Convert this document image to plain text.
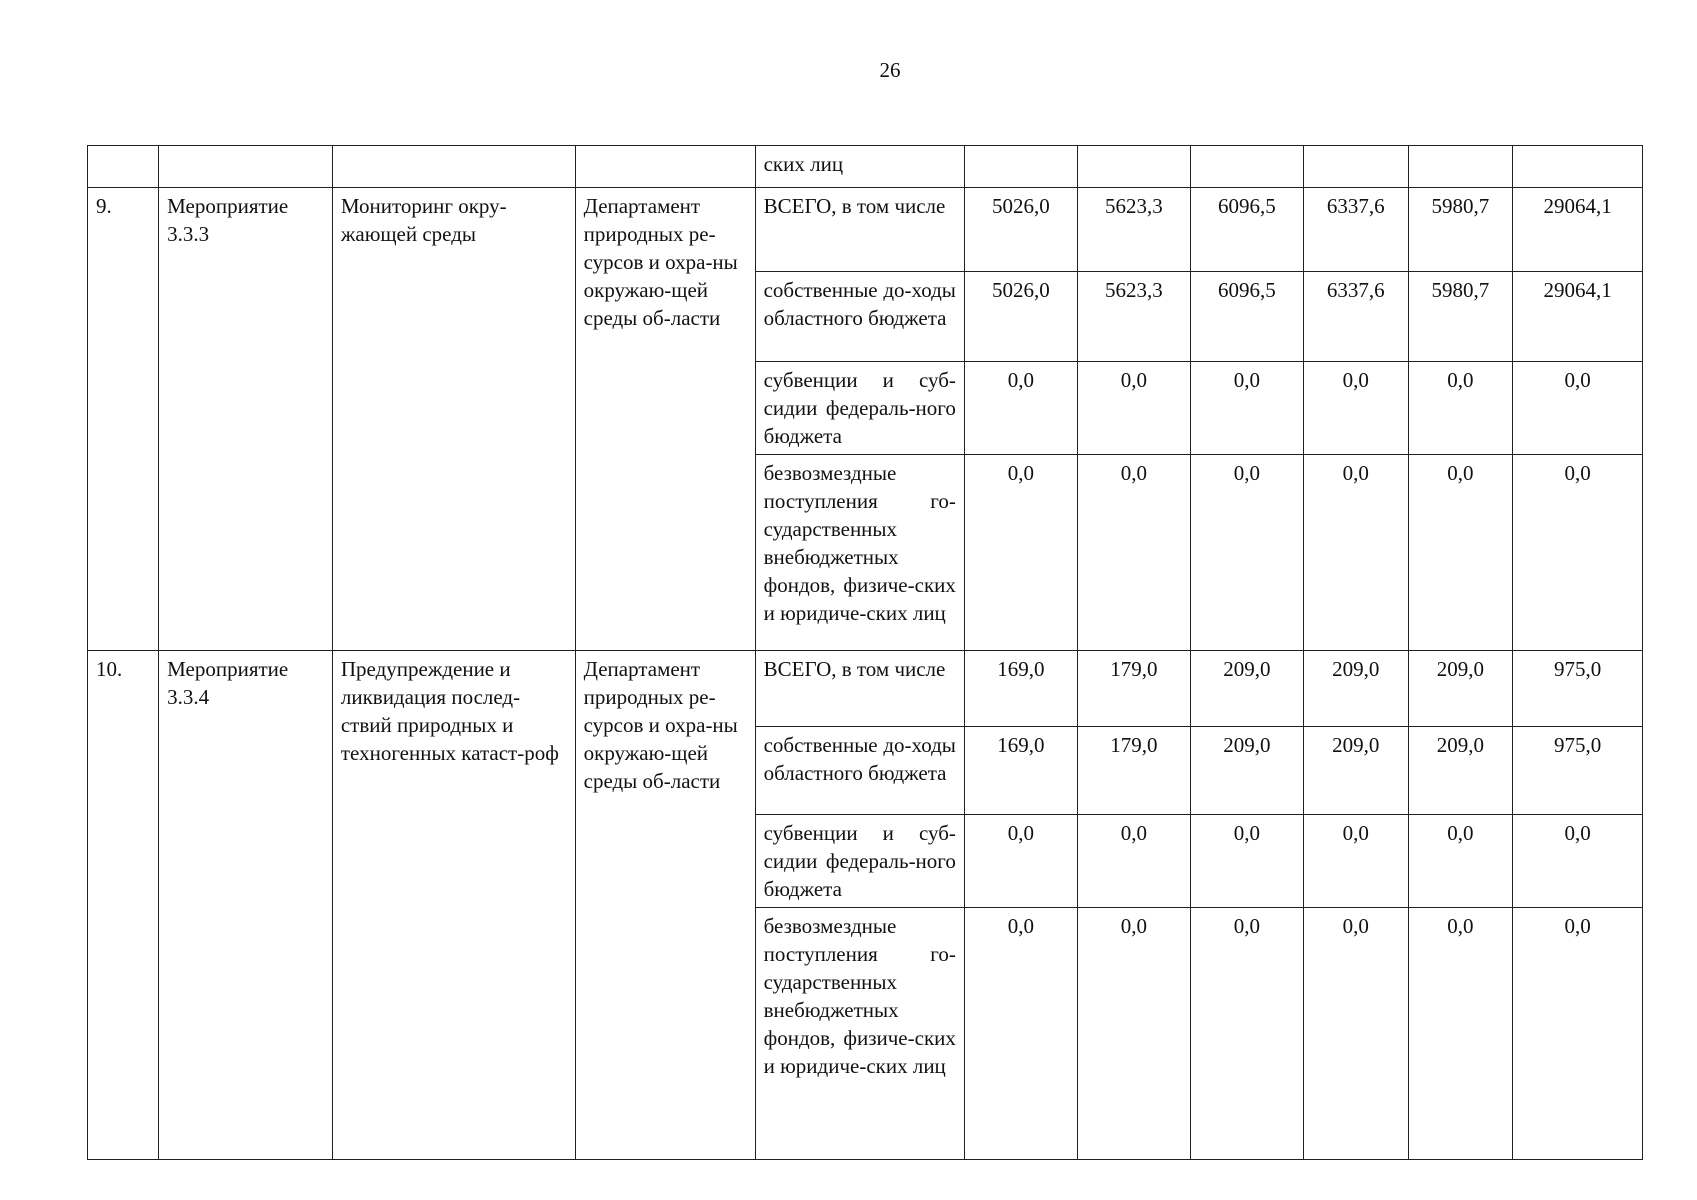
26
				ских лиц						
9.	Мероприятие 3.3.3	Мониторинг окру-жающей среды	Департамент природных ре-сурсов и охра-ны окружаю-щей среды об-ласти	ВСЕГО, в том числе	5026,0	5623,3	6096,5	6337,6	5980,7	29064,1
				собственные до-ходы областного бюджета	5026,0	5623,3	6096,5	6337,6	5980,7	29064,1
				субвенции и суб-сидии федераль-ного бюджета	0,0	0,0	0,0	0,0	0,0	0,0
				безвозмездные поступления го-сударственных внебюджетных фондов, физиче-ских и юридиче-ских лиц	0,0	0,0	0,0	0,0	0,0	0,0
10.	Мероприятие 3.3.4	Предупреждение и ликвидация послед-ствий природных и техногенных катаст-роф	Департамент природных ре-сурсов и охра-ны окружаю-щей среды об-ласти	ВСЕГО, в том числе	169,0	179,0	209,0	209,0	209,0	975,0
				собственные до-ходы областного бюджета	169,0	179,0	209,0	209,0	209,0	975,0
				субвенции и суб-сидии федераль-ного бюджета	0,0	0,0	0,0	0,0	0,0	0,0
				безвозмездные поступления го-сударственных внебюджетных фондов, физиче-ских и юридиче-ских лиц	0,0	0,0	0,0	0,0	0,0	0,0
